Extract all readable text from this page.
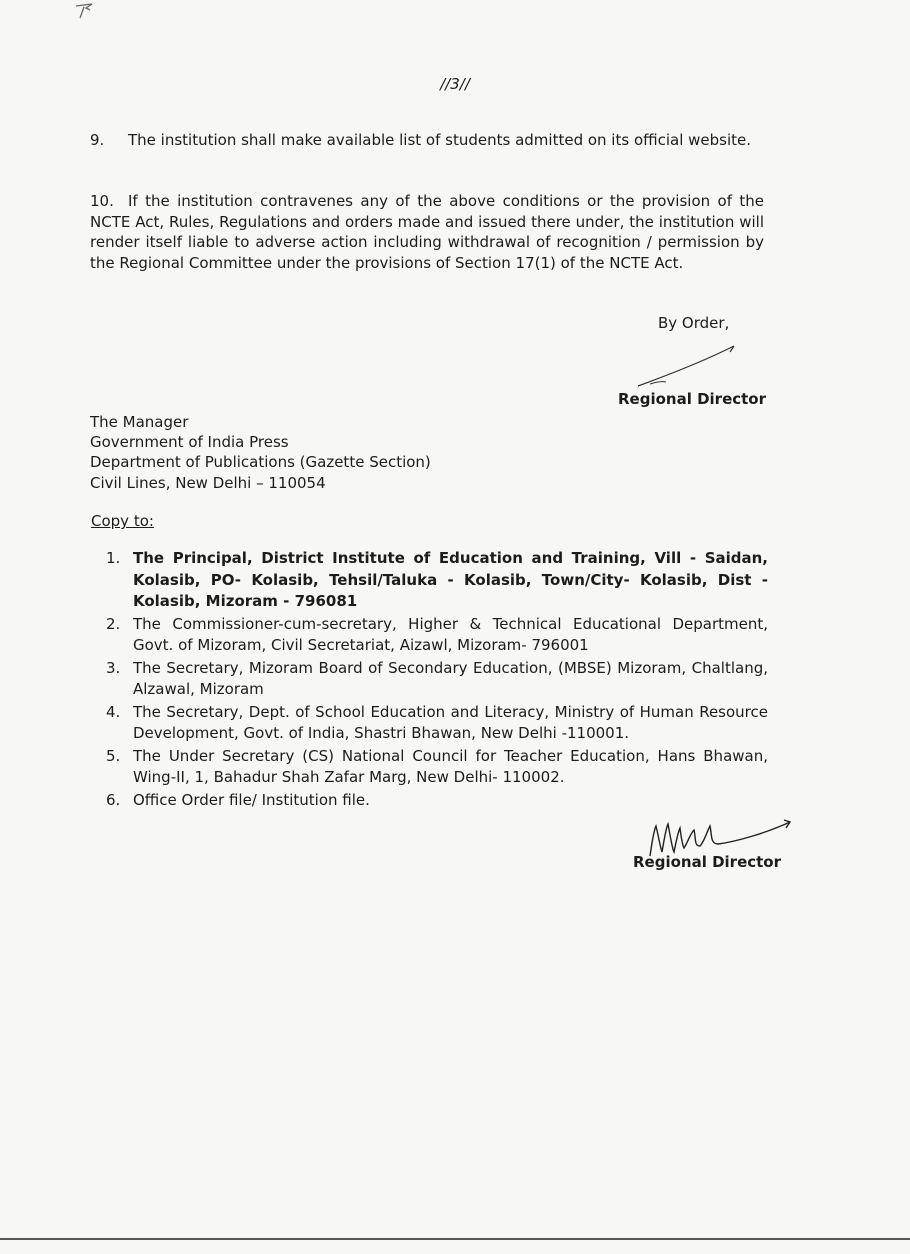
//3//
9. The institution shall make available list of students admitted on its official website.
10. If the institution contravenes any of the above conditions or the provision of the NCTE Act, Rules, Regulations and orders made and issued there under, the institution will render itself liable to adverse action including withdrawal of recognition / permission by the Regional Committee under the provisions of Section 17(1) of the NCTE Act.
By Order,
Regional Director
The Manager
Government of India Press
Department of Publications (Gazette Section)
Civil Lines, New Delhi – 110054
Copy to:
1. The Principal, District Institute of Education and Training, Vill - Saidan, Kolasib, PO- Kolasib, Tehsil/Taluka - Kolasib, Town/City- Kolasib, Dist - Kolasib, Mizoram - 796081
2. The Commissioner-cum-secretary, Higher & Technical Educational Department, Govt. of Mizoram, Civil Secretariat, Aizawl, Mizoram- 796001
3. The Secretary, Mizoram Board of Secondary Education, (MBSE) Mizoram, Chaltlang, Alzawal, Mizoram
4. The Secretary, Dept. of School Education and Literacy, Ministry of Human Resource Development, Govt. of India, Shastri Bhawan, New Delhi -110001.
5. The Under Secretary (CS) National Council for Teacher Education, Hans Bhawan, Wing-II, 1, Bahadur Shah Zafar Marg, New Delhi- 110002.
6. Office Order file/ Institution file.
Regional Director
